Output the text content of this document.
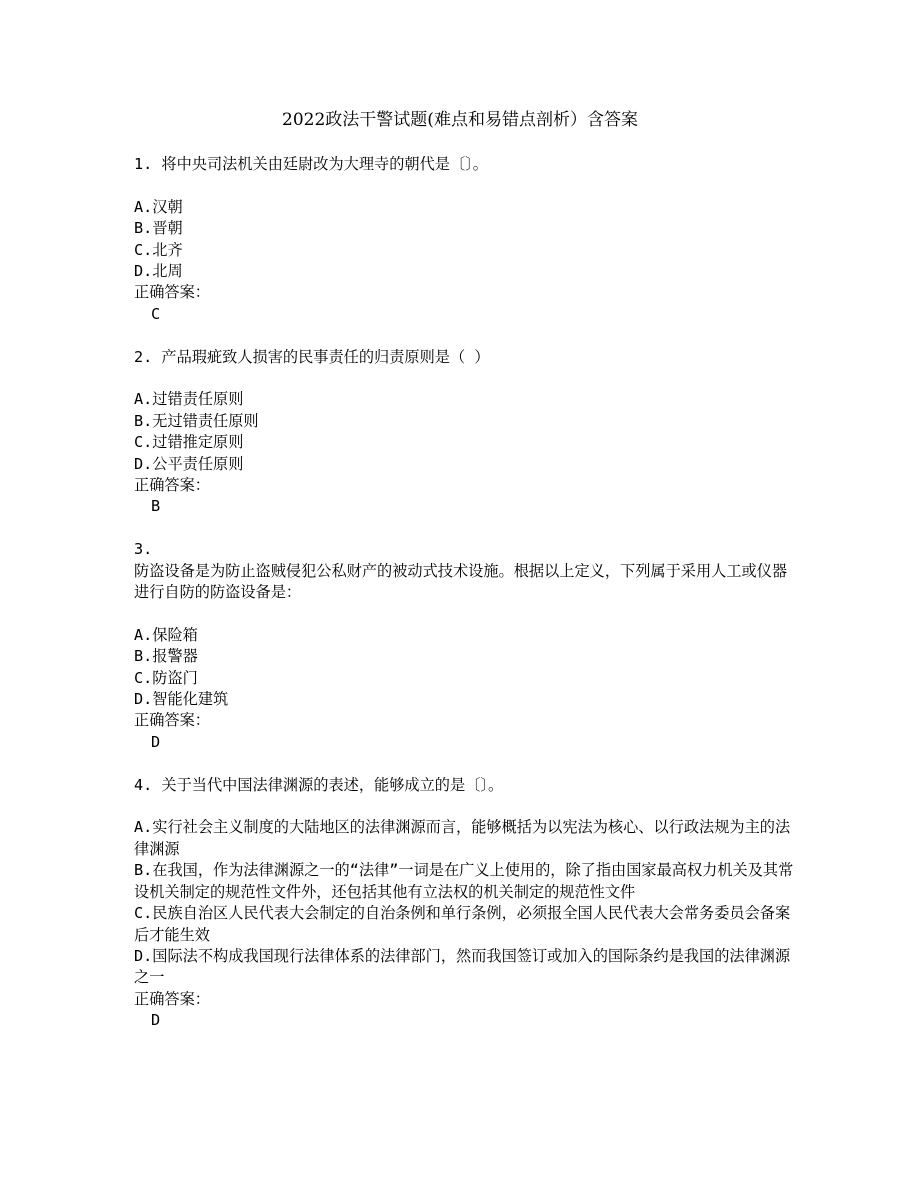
2022政法干警试题(难点和易错点剖析）含答案
1. 将中央司法机关由廷尉改为大理寺的朝代是〔〕。
A.汉朝
B.晋朝
C.北齐
D.北周
正确答案：
C
2. 产品瑕疵致人损害的民事责任的归责原则是（ ）
A.过错责任原则
B.无过错责任原则
C.过错推定原则
D.公平责任原则
正确答案：
B
3.
防盗设备是为防止盗贼侵犯公私财产的被动式技术设施。根据以上定义，下列属于采用人工或仪器进行自防的防盗设备是：
A.保险箱
B.报警器
C.防盗门
D.智能化建筑
正确答案：
D
4. 关于当代中国法律渊源的表述，能够成立的是〔〕。
A.实行社会主义制度的大陆地区的法律渊源而言，能够概括为以宪法为核心、以行政法规为主的法律渊源
B.在我国，作为法律渊源之一的“法律”一词是在广义上使用的，除了指由国家最高权力机关及其常设机关制定的规范性文件外，还包括其他有立法权的机关制定的规范性文件
C.民族自治区人民代表大会制定的自治条例和单行条例，必须报全国人民代表大会常务委员会备案后才能生效
D.国际法不构成我国现行法律体系的法律部门，然而我国签订或加入的国际条约是我国的法律渊源之一
正确答案：
D
